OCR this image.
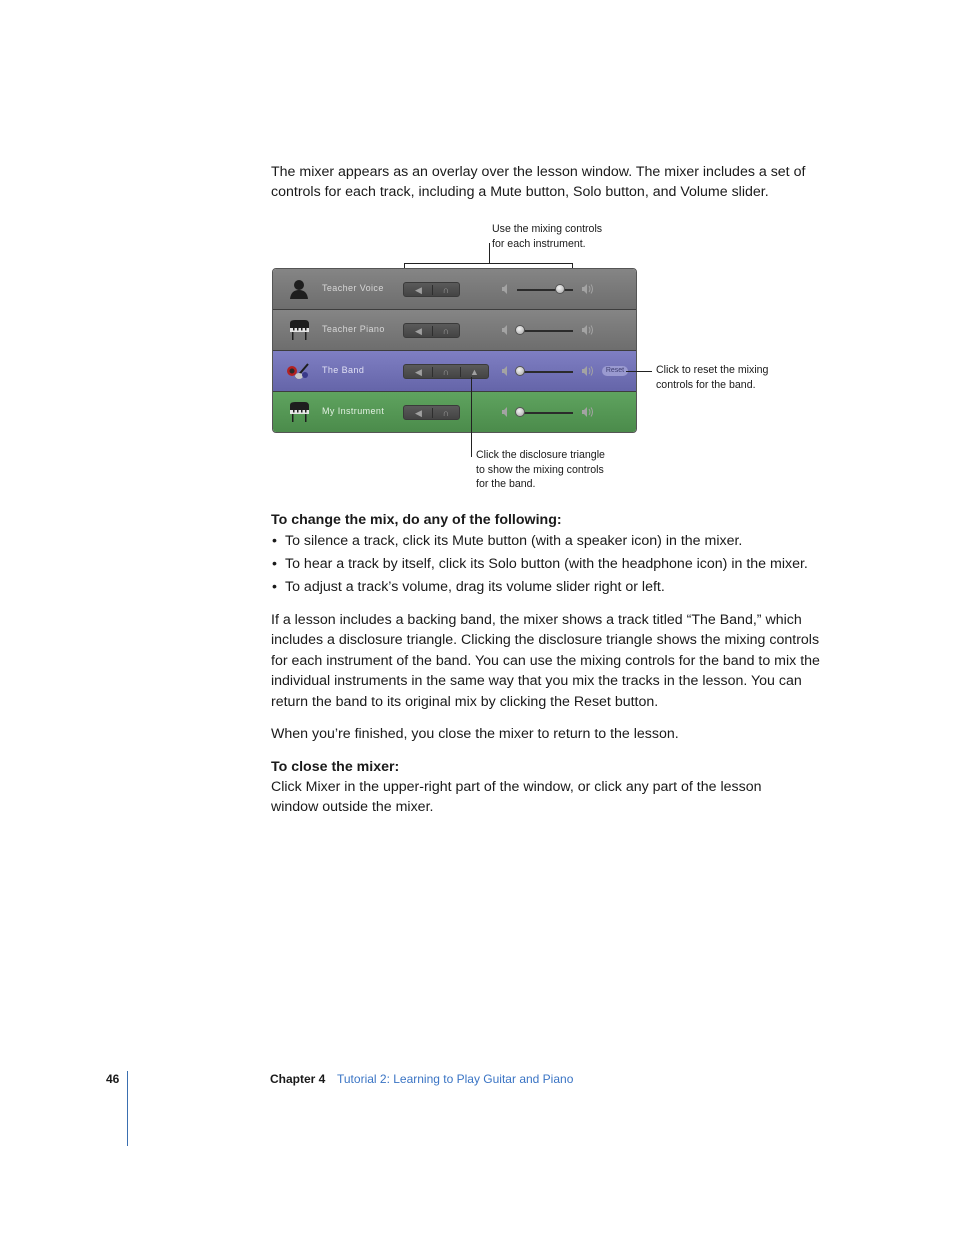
The mixer appears as an overlay over the lesson window. The mixer includes a set of controls for each track, including a Mute button, Solo button, and Volume slider.
Use the mixing controls
for each instrument.
Teacher Voice	◀	∩
Teacher Piano	◀	∩
The Band	◀	∩	▲	Reset
My Instrument	◀	∩
Click to reset the mixing
controls for the band.
Click the disclosure triangle
to show the mixing controls
for the band.
To change the mix, do any of the following:
• To silence a track, click its Mute button (with a speaker icon) in the mixer.
• To hear a track by itself, click its Solo button (with the headphone icon) in the mixer.
• To adjust a track’s volume, drag its volume slider right or left.
If a lesson includes a backing band, the mixer shows a track titled “The Band,” which includes a disclosure triangle. Clicking the disclosure triangle shows the mixing controls for each instrument of the band. You can use the mixing controls for the band to mix the individual instruments in the same way that you mix the tracks in the lesson. You can return the band to its original mix by clicking the Reset button.
When you’re finished, you close the mixer to return to the lesson.
To close the mixer:
Click Mixer in the upper-right part of the window, or click any part of the lesson window outside the mixer.
46	Chapter 4 Tutorial 2: Learning to Play Guitar and Piano
